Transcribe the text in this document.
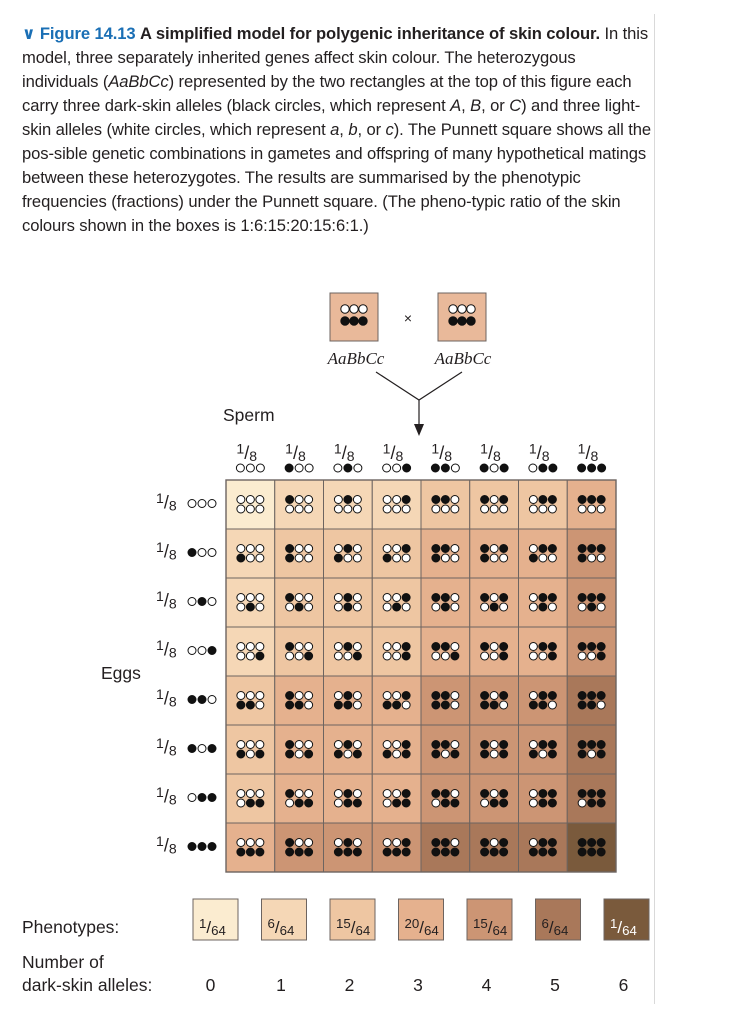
∨ Figure 14.13 A simplified model for polygenic inheritance of skin colour. In this model, three separately inherited genes affect skin colour. The heterozygous individuals (AaBbCc) represented by the two rectangles at the top of this figure each carry three dark-skin alleles (black circles, which represent A, B, or C) and three light-skin alleles (white circles, which represent a, b, or c). The Punnett square shows all the pos-sible genetic combinations in gametes and offspring of many hypothetical matings between these heterozygotes. The results are summarised by the phenotypic frequencies (fractions) under the Punnett square. (The pheno-typic ratio of the skin colours shown in the boxes is 1:6:15:20:15:6:1.)

AaBbCc	AaBbCc
×
Sperm
Eggs
$^1$/8 $^1$/8 $^1$/8 $^1$/8 $^1$/8 $^1$/8 $^1$/8 $^1$/8
$^1$/8
$^1$/8
$^1$/8
$^1$/8
$^1$/8
$^1$/8
$^1$/8
$^1$/8
Phenotypes:
Number of
dark-skin alleles:
$^1$/64
0
$^6$/64
1
$^{15}$/64
2
$^{20}$/64
3
$^{15}$/64
4
$^6$/64
5
$^1$/64
6
